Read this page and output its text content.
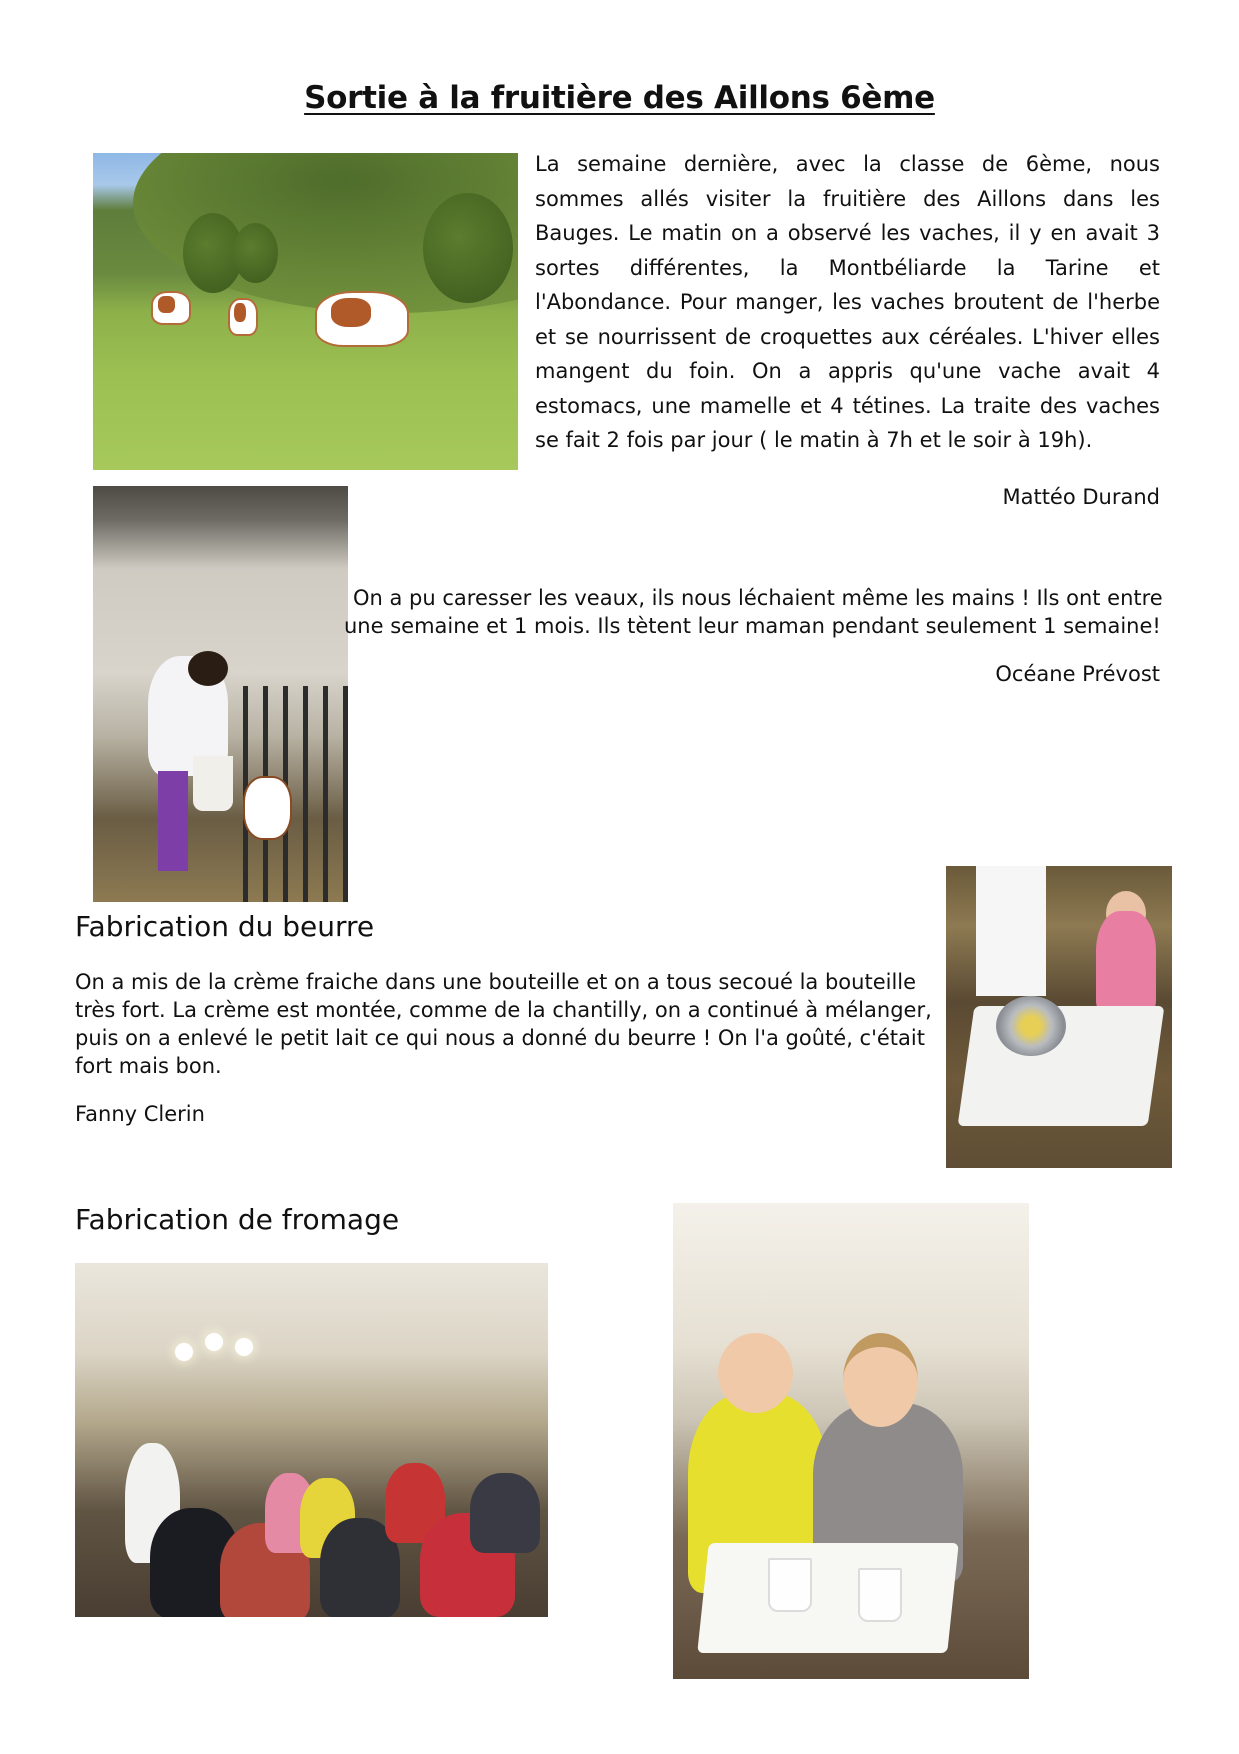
Sortie à la fruitière des Aillons 6ème

La semaine dernière, avec la classe de 6ème, nous sommes allés visiter la fruitière des Aillons dans les Bauges. Le matin on a observé les vaches, il y en avait 3 sortes différentes, la Montbéliarde la Tarine et l'Abondance. Pour manger, les vaches broutent de l'herbe et se nourrissent de croquettes aux céréales. L'hiver elles mangent du foin. On a appris qu'une vache avait 4 estomacs, une mamelle et 4 tétines. La traite des vaches se fait 2 fois par jour ( le matin à 7h et le soir à 19h).

Mattéo Durand
On a pu caresser les veaux, ils nous léchaient même les mains ! Ils ont entre
une semaine et 1 mois. Ils tètent leur maman pendant seulement 1 semaine!
Océane Prévost
Fabrication du beurre

On a mis de la crème fraiche dans une bouteille et on a tous secoué la bouteille très fort. La crème est montée, comme de la chantilly, on a continué à mélanger, puis on a enlevé le petit lait ce qui nous a donné du beurre ! On l'a goûté, c'était fort mais bon.

Fanny Clerin
Fabrication de fromage
